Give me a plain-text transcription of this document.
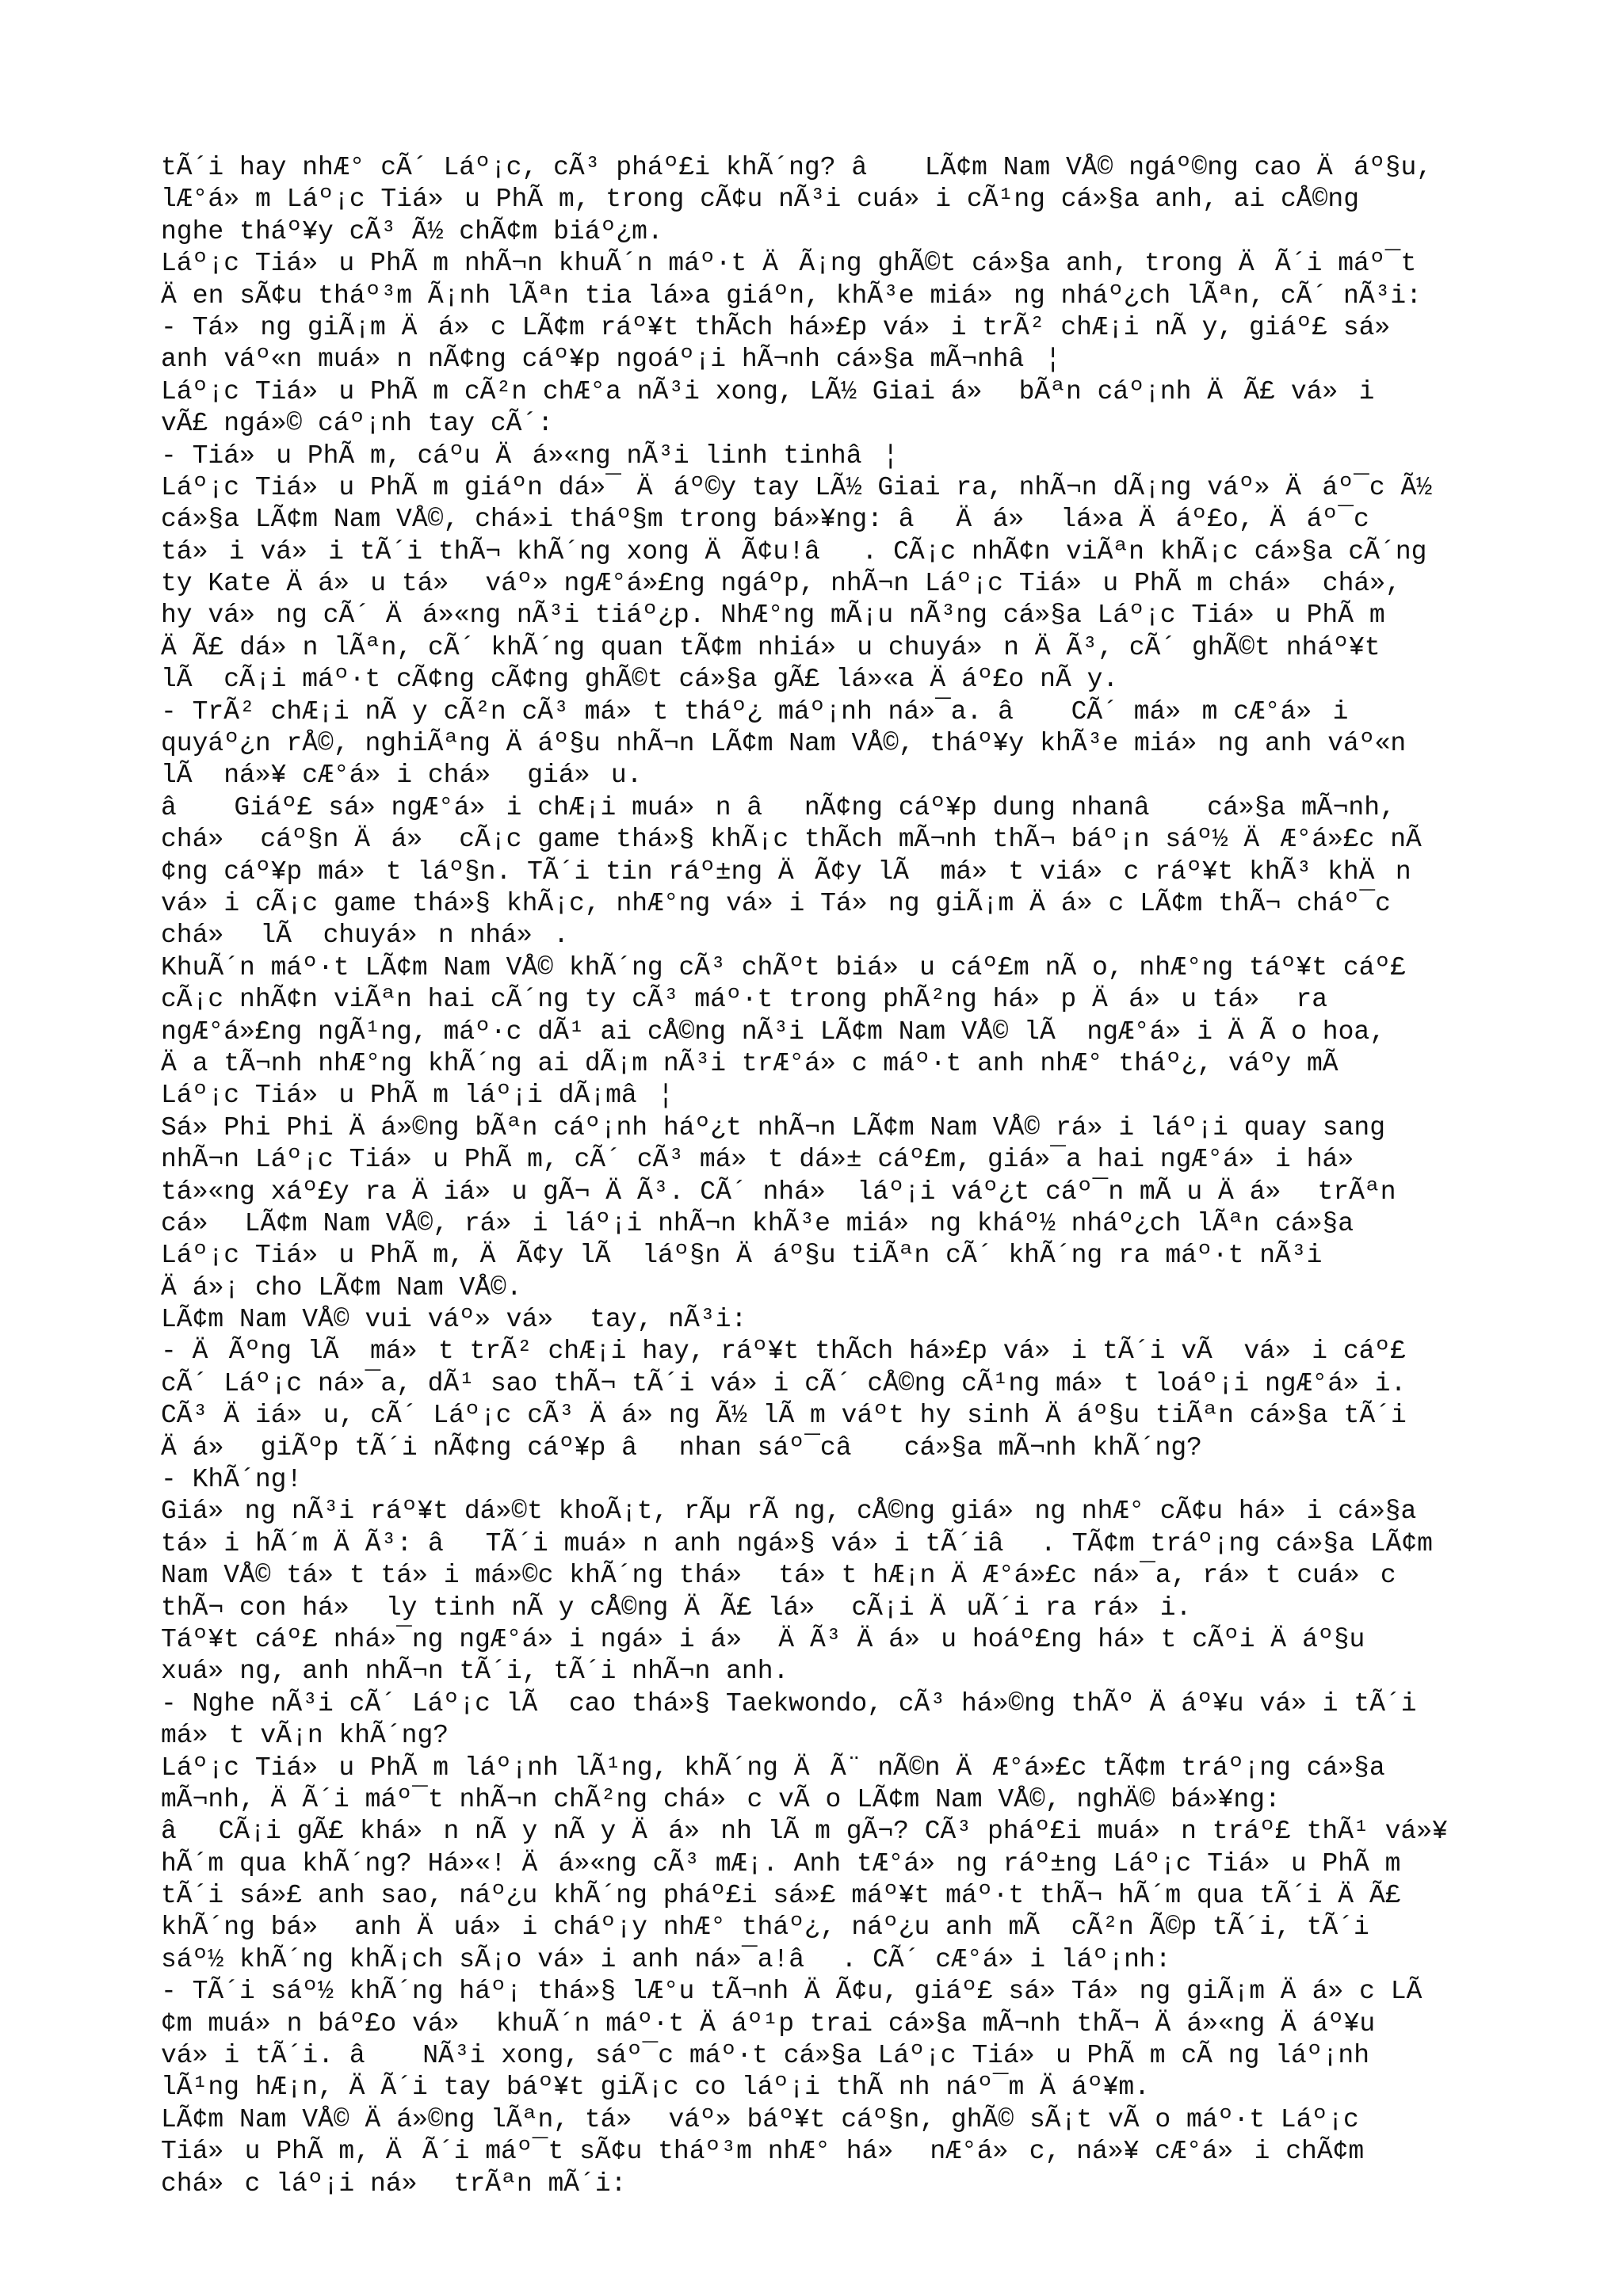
tÃ´i hay nhÆ° cÃ´ Láº¡c, cÃ³ pháº£i khÃ´ng? â LÃ¢m Nam VÅ© ngáº©ng cao Äáº§u,
lÆ°á»m Láº¡c Tiá»u PhÃ m, trong cÃ¢u nÃ³i cuá»i cÃ¹ng cá»§a anh, ai cÅ©ng
nghe tháº¥y cÃ³ Ã½ chÃ¢m biáº¿m.
Láº¡c Tiá»u PhÃ m nhÃ¬n khuÃ´n máº·t ÄÃ¡ng ghÃ©t cá»§a anh, trong ÄÃ´i máº¯t
Äen sÃ¢u tháº³m Ã¡nh lÃªn tia lá»a giáºn, khÃ³e miá»ng nháº¿ch lÃªn, cÃ´ nÃ³i:
- Tá»ng giÃ¡m Äá»c LÃ¢m ráº¥t thÃch há»£p vá»i trÃ² chÆ¡i nÃ y, giáº£ sá»
anh váº«n muá»n nÃ¢ng cáº¥p ngoáº¡i hÃ¬nh cá»§a mÃ¬nhâ¦
Láº¡c Tiá»u PhÃ m cÃ²n chÆ°a nÃ³i xong, LÃ½ Giai á» bÃªn cáº¡nh ÄÃ£ vá»i
vÃ£ ngá»© cáº¡nh tay cÃ´:
- Tiá»u PhÃ m, cáºu Äá»«ng nÃ³i linh tinhâ¦
Láº¡c Tiá»u PhÃ m giáºn dá»¯ Äáº©y tay LÃ½ Giai ra, nhÃ¬n dÃ¡ng váº» Äáº¯c Ã½
cá»§a LÃ¢m Nam VÅ©, chá»i tháº§m trong bá»¥ng: âÄá» lá»a Äáº£o, Äáº¯c
tá»i vá»i tÃ´i thÃ¬ khÃ´ng xong ÄÃ¢u!â. CÃ¡c nhÃ¢n viÃªn khÃ¡c cá»§a cÃ´ng
ty Kate Äá»u tá» váº» ngÆ°á»£ng ngáºp, nhÃ¬n Láº¡c Tiá»u PhÃ m chá» chá»,
hy vá»ng cÃ´ Äá»«ng nÃ³i tiáº¿p. NhÆ°ng mÃ¡u nÃ³ng cá»§a Láº¡c Tiá»u PhÃ m
ÄÃ£ dá»n lÃªn, cÃ´ khÃ´ng quan tÃ¢m nhiá»u chuyá»n ÄÃ³, cÃ´ ghÃ©t nháº¥t
lÃ  cÃ¡i máº·t cÃ¢ng cÃ¢ng ghÃ©t cá»§a gÃ£ lá»«a Äáº£o nÃ y.
- TrÃ² chÆ¡i nÃ y cÃ²n cÃ³ má»t tháº¿ máº¡nh ná»¯a. â CÃ´ má»m cÆ°á»i
quyáº¿n rÅ©, nghiÃªng Äáº§u nhÃ¬n LÃ¢m Nam VÅ©, tháº¥y khÃ³e miá»ng anh váº«n
lÃ  ná»¥ cÆ°á»i chá» giá»u.
â Giáº£ sá» ngÆ°á»i chÆ¡i muá»n ânÃ¢ng cáº¥p dung nhanâ cá»§a mÃ¬nh,
chá» cáº§n Äá» cÃ¡c game thá»§ khÃ¡c thÃch mÃ¬nh thÃ¬ báº¡n sáº½ ÄÆ°á»£c nÃ
¢ng cáº¥p má»t láº§n. TÃ´i tin ráº±ng ÄÃ¢y lÃ  má»t viá»c ráº¥t khÃ³ khÄn
vá»i cÃ¡c game thá»§ khÃ¡c, nhÆ°ng vá»i Tá»ng giÃ¡m Äá»c LÃ¢m thÃ¬ cháº¯c
chá» lÃ  chuyá»n nhá».
KhuÃ´n máº·t LÃ¢m Nam VÅ© khÃ´ng cÃ³ chÃºt biá»u cáº£m nÃ o, nhÆ°ng táº¥t cáº£
cÃ¡c nhÃ¢n viÃªn hai cÃ´ng ty cÃ³ máº·t trong phÃ²ng há»p Äá»u tá» ra
ngÆ°á»£ng ngÃ¹ng, máº·c dÃ¹ ai cÅ©ng nÃ³i LÃ¢m Nam VÅ© lÃ  ngÆ°á»i ÄÃ o hoa,
Äa tÃ¬nh nhÆ°ng khÃ´ng ai dÃ¡m nÃ³i trÆ°á»c máº·t anh nhÆ° tháº¿, váºy mÃ
Láº¡c Tiá»u PhÃ m láº¡i dÃ¡mâ¦
Sá» Phi Phi Äá»©ng bÃªn cáº¡nh háº¿t nhÃ¬n LÃ¢m Nam VÅ© rá»i láº¡i quay sang
nhÃ¬n Láº¡c Tiá»u PhÃ m, cÃ´ cÃ³ má»t dá»± cáº£m, giá»¯a hai ngÆ°á»i há»
tá»«ng xáº£y ra Äiá»u gÃ¬ ÄÃ³. CÃ´ nhá» láº¡i váº¿t cáº¯n mÃ u Äá» trÃªn
cá» LÃ¢m Nam VÅ©, rá»i láº¡i nhÃ¬n khÃ³e miá»ng kháº½ nháº¿ch lÃªn cá»§a
Láº¡c Tiá»u PhÃ m, ÄÃ¢y lÃ  láº§n Äáº§u tiÃªn cÃ´ khÃ´ng ra máº·t nÃ³i
Äá»¡ cho LÃ¢m Nam VÅ©.
LÃ¢m Nam VÅ© vui váº» vá» tay, nÃ³i:
- ÄÃºng lÃ  má»t trÃ² chÆ¡i hay, ráº¥t thÃch há»£p vá»i tÃ´i vÃ  vá»i cáº£
cÃ´ Láº¡c ná»¯a, dÃ¹ sao thÃ¬ tÃ´i vá»i cÃ´ cÅ©ng cÃ¹ng má»t loáº¡i ngÆ°á»i.
CÃ³ Äiá»u, cÃ´ Láº¡c cÃ³ Äá»ng Ã½ lÃ m váºt hy sinh Äáº§u tiÃªn cá»§a tÃ´i
Äá» giÃºp tÃ´i nÃ¢ng cáº¥p ânhan sáº¯câ cá»§a mÃ¬nh khÃ´ng?
- KhÃ´ng!
Giá»ng nÃ³i ráº¥t dá»©t khoÃ¡t, rÃµ rÃ ng, cÅ©ng giá»ng nhÆ° cÃ¢u há»i cá»§a
tá»i hÃ´m ÄÃ³: âTÃ´i muá»n anh ngá»§ vá»i tÃ´iâ. TÃ¢m tráº¡ng cá»§a LÃ¢m
Nam VÅ© tá»t tá»i má»©c khÃ´ng thá» tá»t hÆ¡n ÄÆ°á»£c ná»¯a, rá»t cuá»c
thÃ¬ con há» ly tinh nÃ y cÅ©ng ÄÃ£ lá» cÃ¡i ÄuÃ´i ra rá»i.
Táº¥t cáº£ nhá»¯ng ngÆ°á»i ngá»i á» ÄÃ³ Äá»u hoáº£ng há»t cÃºi Äáº§u
xuá»ng, anh nhÃ¬n tÃ´i, tÃ´i nhÃ¬n anh.
- Nghe nÃ³i cÃ´ Láº¡c lÃ  cao thá»§ Taekwondo, cÃ³ há»©ng thÃº Äáº¥u vá»i tÃ´i
má»t vÃ¡n khÃ´ng?
Láº¡c Tiá»u PhÃ m láº¡nh lÃ¹ng, khÃ´ng ÄÃ¨ nÃ©n ÄÆ°á»£c tÃ¢m tráº¡ng cá»§a
mÃ¬nh, ÄÃ´i máº¯t nhÃ¬n chÃ²ng chá»c vÃ o LÃ¢m Nam VÅ©, nghÄ© bá»¥ng:
âCÃ¡i gÃ£ khá»n nÃ y nÃ y Äá»nh lÃ m gÃ¬? CÃ³ pháº£i muá»n tráº£ thÃ¹ vá»¥
hÃ´m qua khÃ´ng? Há»«! Äá»«ng cÃ³ mÆ¡. Anh tÆ°á»ng ráº±ng Láº¡c Tiá»u PhÃ m
tÃ´i sá»£ anh sao, náº¿u khÃ´ng pháº£i sá»£ máº¥t máº·t thÃ¬ hÃ´m qua tÃ´i ÄÃ£
khÃ´ng bá» anh Äuá»i cháº¡y nhÆ° tháº¿, náº¿u anh mÃ  cÃ²n Ã©p tÃ´i, tÃ´i
sáº½ khÃ´ng khÃ¡ch sÃ¡o vá»i anh ná»¯a!â. CÃ´ cÆ°á»i láº¡nh:
- TÃ´i sáº½ khÃ´ng háº¡ thá»§ lÆ°u tÃ¬nh ÄÃ¢u, giáº£ sá» Tá»ng giÃ¡m Äá»c LÃ
¢m muá»n báº£o vá» khuÃ´n máº·t Äáº¹p trai cá»§a mÃ¬nh thÃ¬ Äá»«ng Äáº¥u
vá»i tÃ´i. â NÃ³i xong, sáº¯c máº·t cá»§a Láº¡c Tiá»u PhÃ m cÃ ng láº¡nh
lÃ¹ng hÆ¡n, ÄÃ´i tay báº¥t giÃ¡c co láº¡i thÃ nh náº¯m Äáº¥m.
LÃ¢m Nam VÅ© Äá»©ng lÃªn, tá» váº» báº¥t cáº§n, ghÃ© sÃ¡t vÃ o máº·t Láº¡c
Tiá»u PhÃ m, ÄÃ´i máº¯t sÃ¢u tháº³m nhÆ° há» nÆ°á»c, ná»¥ cÆ°á»i chÃ¢m
chá»c láº¡i ná» trÃªn mÃ´i:
